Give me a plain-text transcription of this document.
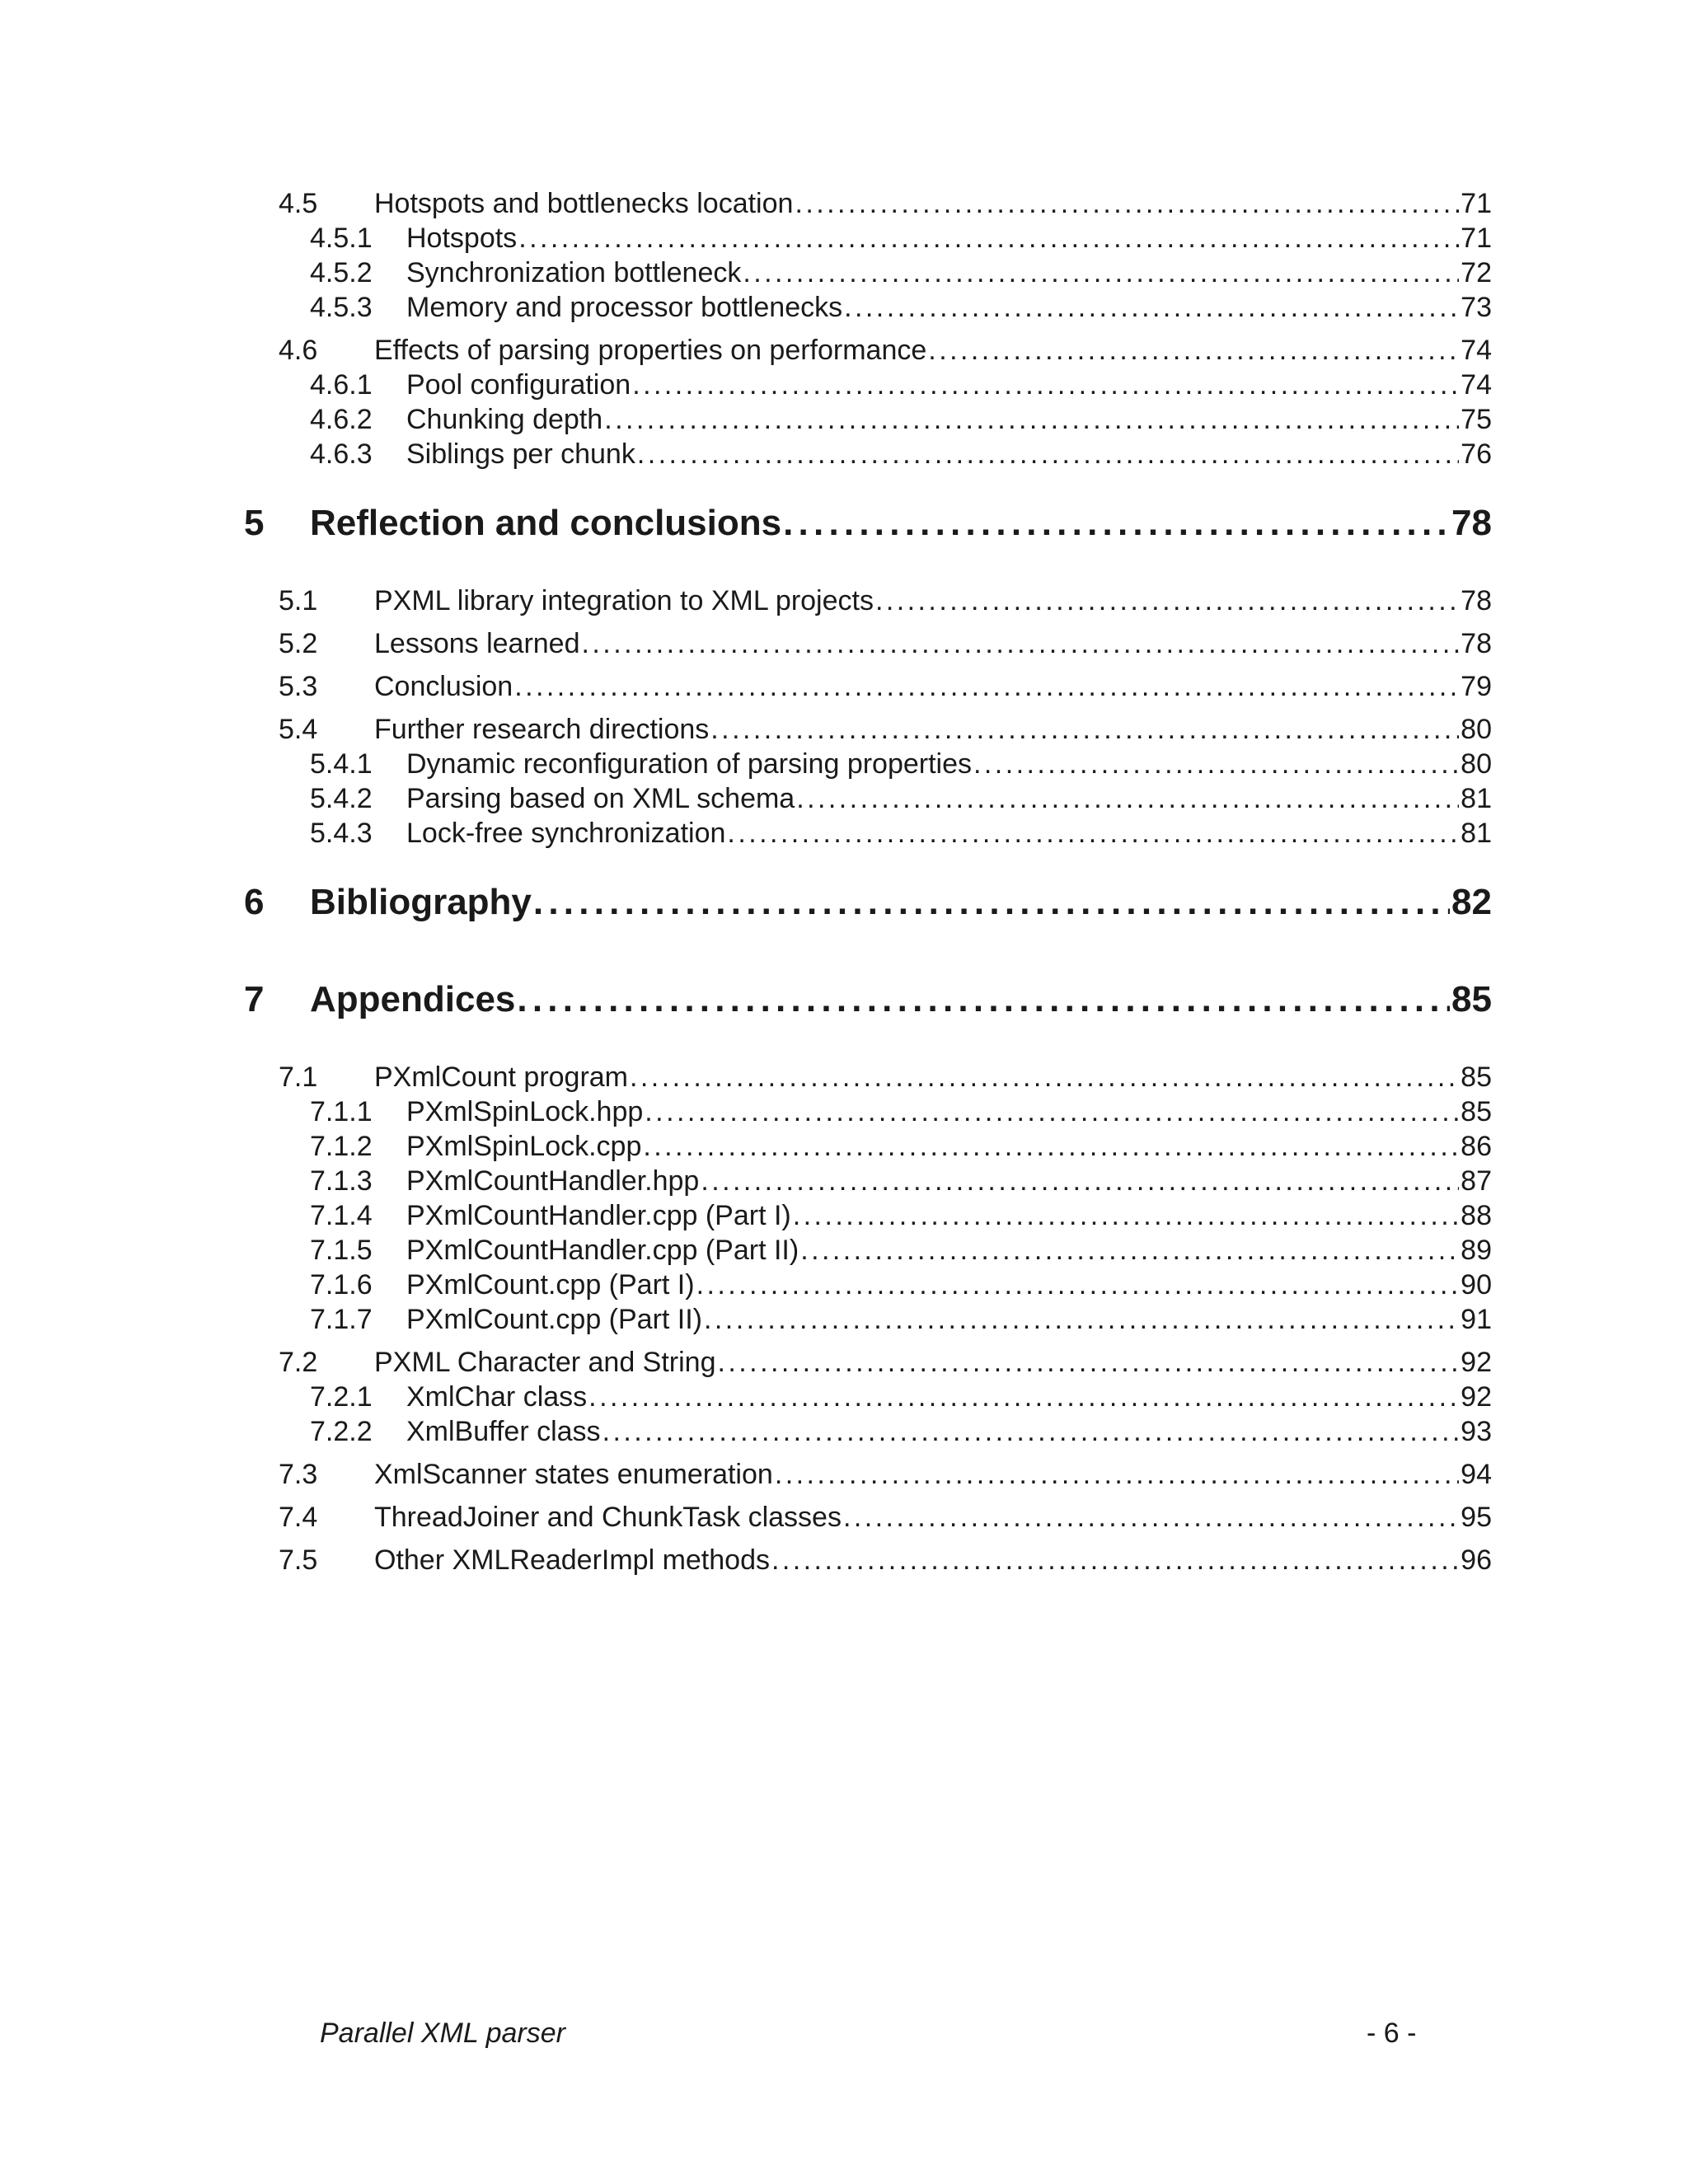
4.5	Hotspots and bottlenecks location . . .	71
4.5.1	Hotspots . . .	71
4.5.2	Synchronization bottleneck . . .	72
4.5.3	Memory and processor bottlenecks . . .	73
4.6	Effects of parsing properties on performance . . .	74
4.6.1	Pool configuration . . .	74
4.6.2	Chunking depth . . .	75
4.6.3	Siblings per chunk . . .	76
5	Reflection and conclusions . . .	78
5.1	PXML library integration to XML projects . . .	78
5.2	Lessons learned . . .	78
5.3	Conclusion . . .	79
5.4	Further research directions . . .	80
5.4.1	Dynamic reconfiguration of parsing properties . . .	80
5.4.2	Parsing based on XML schema . . .	81
5.4.3	Lock-free synchronization . . .	81
6	Bibliography . . .	82
7	Appendices . . .	85
7.1	PXmlCount program . . .	85
7.1.1	PXmlSpinLock.hpp . . .	85
7.1.2	PXmlSpinLock.cpp . . .	86
7.1.3	PXmlCountHandler.hpp . . .	87
7.1.4	PXmlCountHandler.cpp (Part I) . . .	88
7.1.5	PXmlCountHandler.cpp (Part II) . . .	89
7.1.6	PXmlCount.cpp (Part I) . . .	90
7.1.7	PXmlCount.cpp (Part II) . . .	91
7.2	PXML Character and String . . .	92
7.2.1	XmlChar class . . .	92
7.2.2	XmlBuffer class . . .	93
7.3	XmlScanner states enumeration . . .	94
7.4	ThreadJoiner and ChunkTask classes . . .	95
7.5	Other XMLReaderImpl methods . . .	96
Parallel XML parser	- 6 -
